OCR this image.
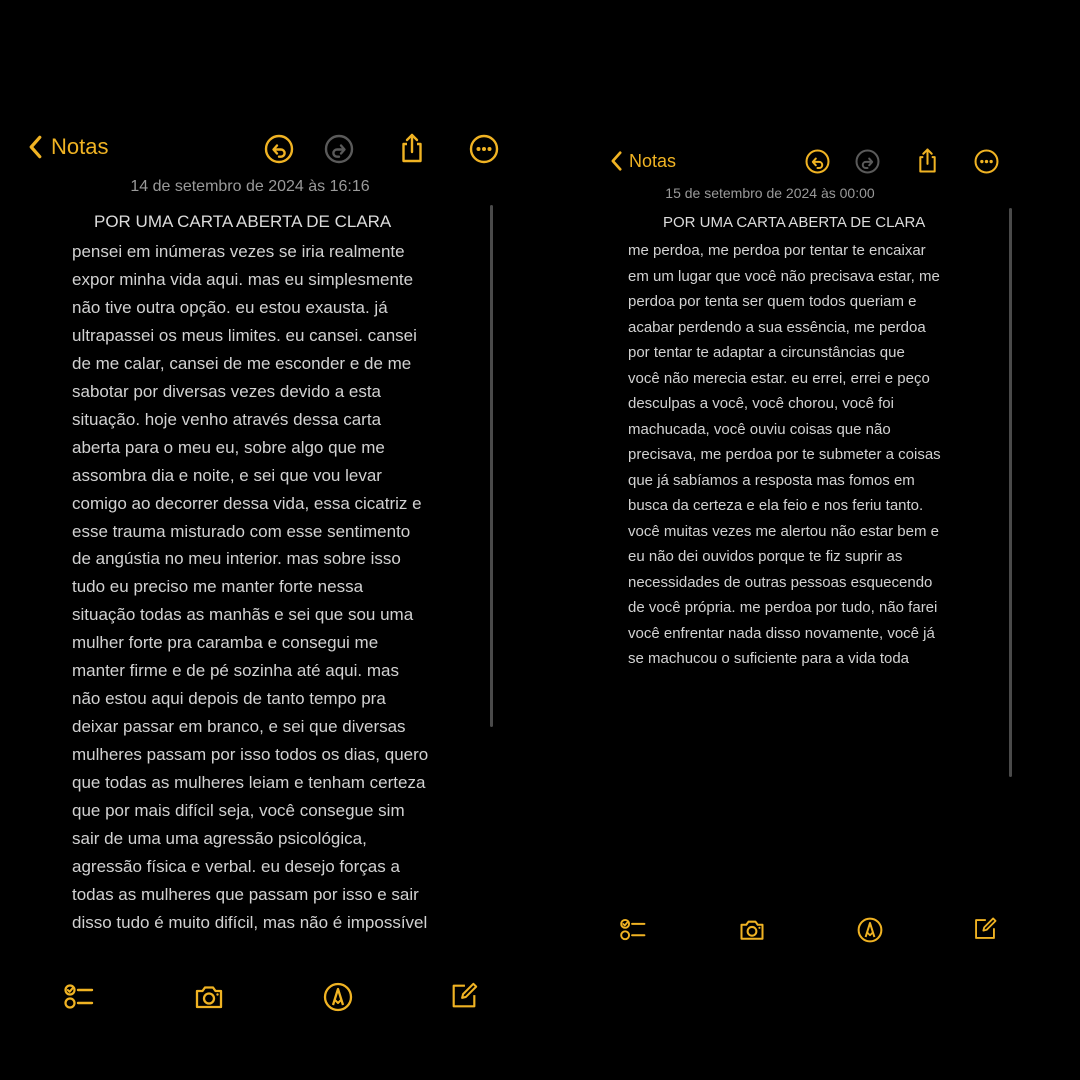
Notas
14 de setembro de 2024 às 16:16
POR UMA CARTA ABERTA DE CLARA
pensei em inúmeras vezes se iria realmente
expor minha vida aqui. mas eu simplesmente
não tive outra opção. eu estou exausta. já
ultrapassei os meus limites. eu cansei. cansei
de me calar, cansei de me esconder e de me
sabotar por diversas vezes devido a esta
situação. hoje venho através dessa carta
aberta para o meu eu, sobre algo que me
assombra dia e noite, e sei que vou levar
comigo ao decorrer dessa vida, essa cicatriz e
esse trauma misturado com esse sentimento
de angústia no meu interior. mas sobre isso
tudo eu preciso me manter forte nessa
situação todas as manhãs e sei que sou uma
mulher forte pra caramba e consegui me
manter firme e de pé sozinha até aqui. mas
não estou aqui depois de tanto tempo pra
deixar passar em branco, e sei que diversas
mulheres passam por isso todos os dias, quero
que todas as mulheres leiam e tenham certeza
que por mais difícil seja, você consegue sim
sair de uma uma agressão psicológica,
agressão física e verbal. eu desejo forças a
todas as mulheres que passam por isso e sair
disso tudo é muito difícil, mas não é impossível
Notas
15 de setembro de 2024 às 00:00
POR UMA CARTA ABERTA DE CLARA
me perdoa, me perdoa por tentar te encaixar
em um lugar que você não precisava estar, me
perdoa por tenta ser quem todos queriam e
acabar perdendo a sua essência, me perdoa
por tentar te adaptar a circunstâncias que
você não merecia estar. eu errei, errei e peço
desculpas a você, você chorou, você foi
machucada, você ouviu coisas que não
precisava, me perdoa por te submeter a coisas
que já sabíamos a resposta mas fomos em
busca da certeza e ela feio e nos feriu tanto.
você muitas vezes me alertou não estar bem e
eu não dei ouvidos porque te fiz suprir as
necessidades de outras pessoas esquecendo
de você própria. me perdoa por tudo, não farei
você enfrentar nada disso novamente, você já
se machucou o suficiente para a vida toda
